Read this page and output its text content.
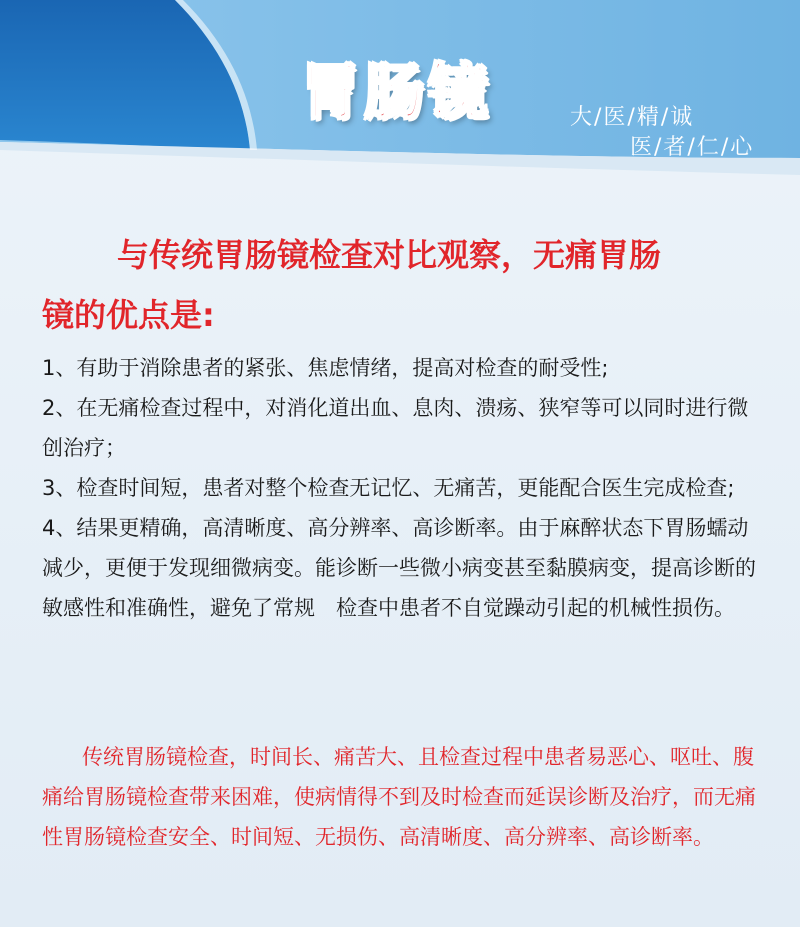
胃肠镜	大/医/精/诚
医/者/仁/心
与传统胃肠镜检查对比观察，无痛胃肠
镜的优点是:

1、有助于消除患者的紧张、焦虑情绪，提高对检查的耐受性;

2、在无痛检查过程中，对消化道出血、息肉、溃疡、狭窄等可以同时进行微创治疗；

3、检查时间短，患者对整个检查无记忆、无痛苦，更能配合医生完成检查;

4、结果更精确，高清晰度、高分辨率、高诊断率。由于麻醉状态下胃肠蠕动减少，更便于发现细微病变。能诊断一些微小病变甚至黏膜病变，提高诊断的敏感性和准确性，避免了常规　检查中患者不自觉躁动引起的机械性损伤。

传统胃肠镜检查，时间长、痛苦大、且检查过程中患者易恶心、呕吐、腹痛给胃肠镜检查带来困难，使病情得不到及时检查而延误诊断及治疗，而无痛性胃肠镜检查安全、时间短、无损伤、高清晰度、高分辨率、高诊断率。
